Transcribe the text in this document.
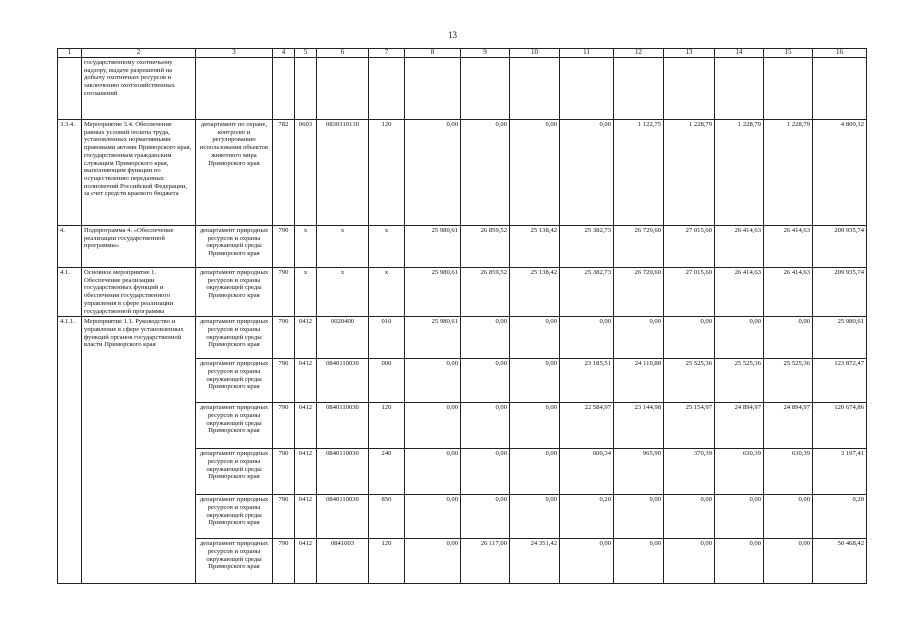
13
1	2	3	4	5	6	7	8	9	10	11	12	13	14	15	16
	государственному охотничьему надзору, выдаче разрешений на добычу охотничьих ресурсов и заключению охотхозяйственных соглашений														
3.3.4.	Мероприятие 3.4. Обеспечение равных условий оплаты труда, установленных нормативными правовыми актами Приморского края, государственным гражданским служащим Приморского края, выполняющим функции по осуществлению переданных полномочий Российской Федерации, за счет средств краевого бюджета	департамент по охране, контролю и регулированию использования объектов животного мира Приморского края	782	0603	0830310130	120	0,00	0,00	0,00	0,00	1 122,75	1 228,79	1 228,79	1 228,79	4 809,12
4.	Подпрограмма 4. «Обеспечение реализации государственной программы»	департамент природных ресурсов и охраны окружающей среды Приморского края	790	х	х	х	25 980,61	26 859,52	25 138,42	25 382,73	26 729,60	27 015,60	26 414,63	26 414,63	209 935,74
4.1.	Основное мероприятие 1. Обеспечение реализации государственных функций и обеспечения государственного управления в сфере реализации государственной программы	департамент природных ресурсов и охраны окружающей среды Приморского края	790	х	х	х	25 980,61	26 859,52	25 138,42	25 382,73	26 729,60	27 015,60	26 414,63	26 414,63	209 935,74
4.1.1.	Мероприятие 1.1. Руководство и управление в сфере установленных функций органов государственной власти Приморского края	департамент природных ресурсов и охраны окружающей среды Приморского края	790	0412	0020400	010	25 980,61	0,00	0,00	0,00	0,00	0,00	0,00	0,00	25 980,61
		департамент природных ресурсов и охраны окружающей среды Приморского края	790	0412	0840110030	000	0,00	0,00	0,00	23 185,51	24 110,88	25 525,36	25 525,36	25 525,36	123 872,47
		департамент природных ресурсов и охраны окружающей среды Приморского края	790	0412	0840110030	120	0,00	0,00	0,00	22 584,97	23 144,98	25 154,97	24 894,97	24 894,97	120 674,86
		департамент природных ресурсов и охраны окружающей среды Приморского края	790	0412	0840110030	240	0,00	0,00	0,00	600,34	965,90	370,39	630,39	630,39	3 197,41
		департамент природных ресурсов и охраны окружающей среды Приморского края	790	0412	0840110030	850	0,00	0,00	0,00	0,20	0,00	0,00	0,00	0,00	0,20
		департамент природных ресурсов и охраны окружающей среды Приморского края	790	0412	0841003	120	0,00	26 117,00	24 351,42	0,00	0,00	0,00	0,00	0,00	50 468,42
